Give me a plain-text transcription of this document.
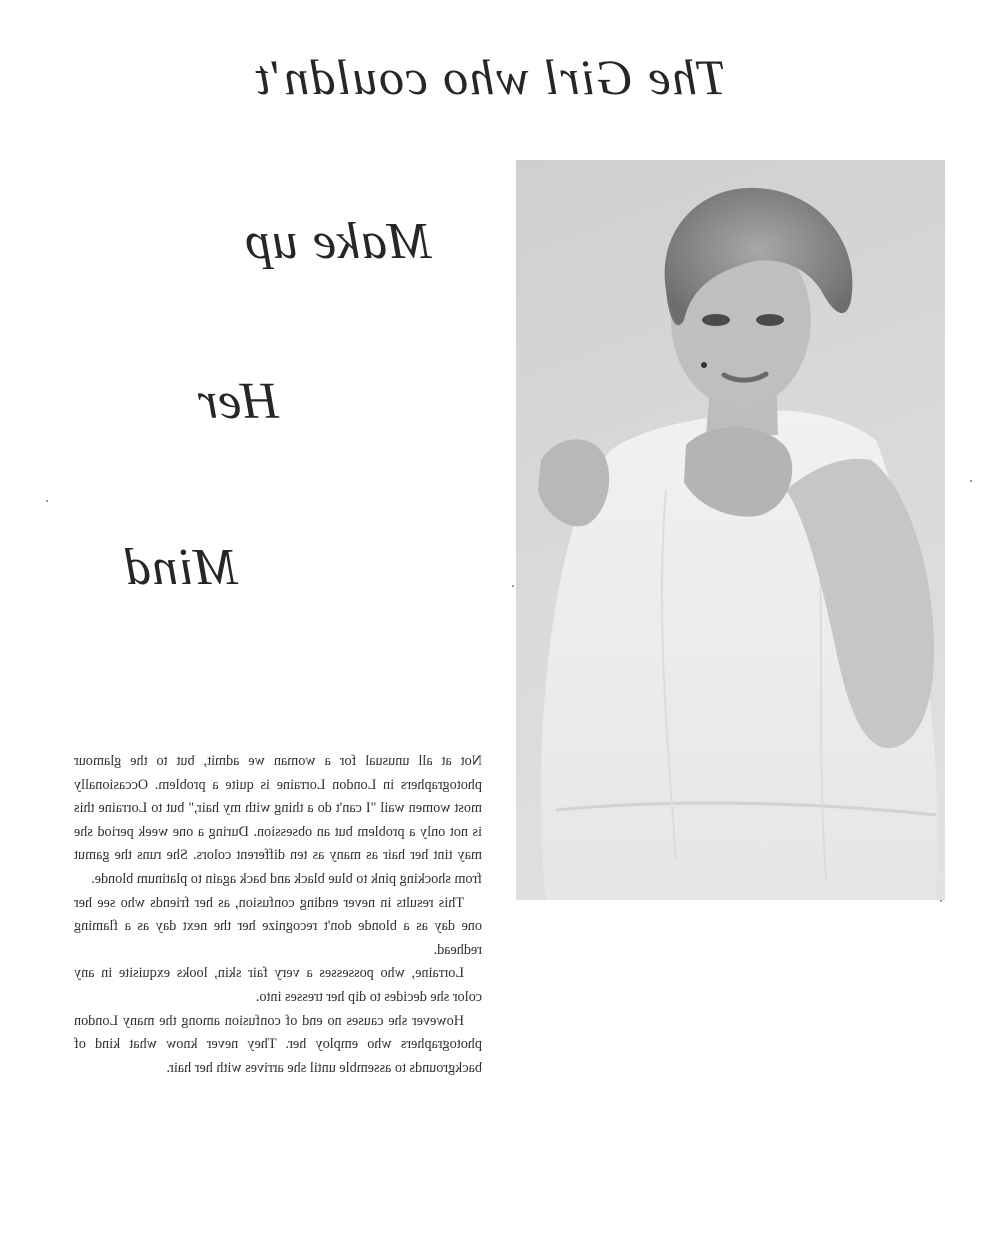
The Girl who couldn't
Make up
Her
Mind

Not at all unusual for a woman we admit, but to the glamour photographers in London Lorraine is quite a problem. Occasionally most women wail "I can't do a thing with my hair," but to Lorraine this is not only a problem but an obsession. During a one week period she may tint her hair as many as ten different colors. She runs the gamut from shocking pink to blue black and back again to platinum blonde.

This results in never ending confusion, as her friends who see her one day as a blonde don't recognize her the next day as a flaming redhead.

Lorraine, who possesses a very fair skin, looks exquisite in any color she decides to dip her tresses into.

However she causes no end of confusion among the many London photographers who employ her. They never know what kind of backgrounds to assemble until she arrives with her hair.
